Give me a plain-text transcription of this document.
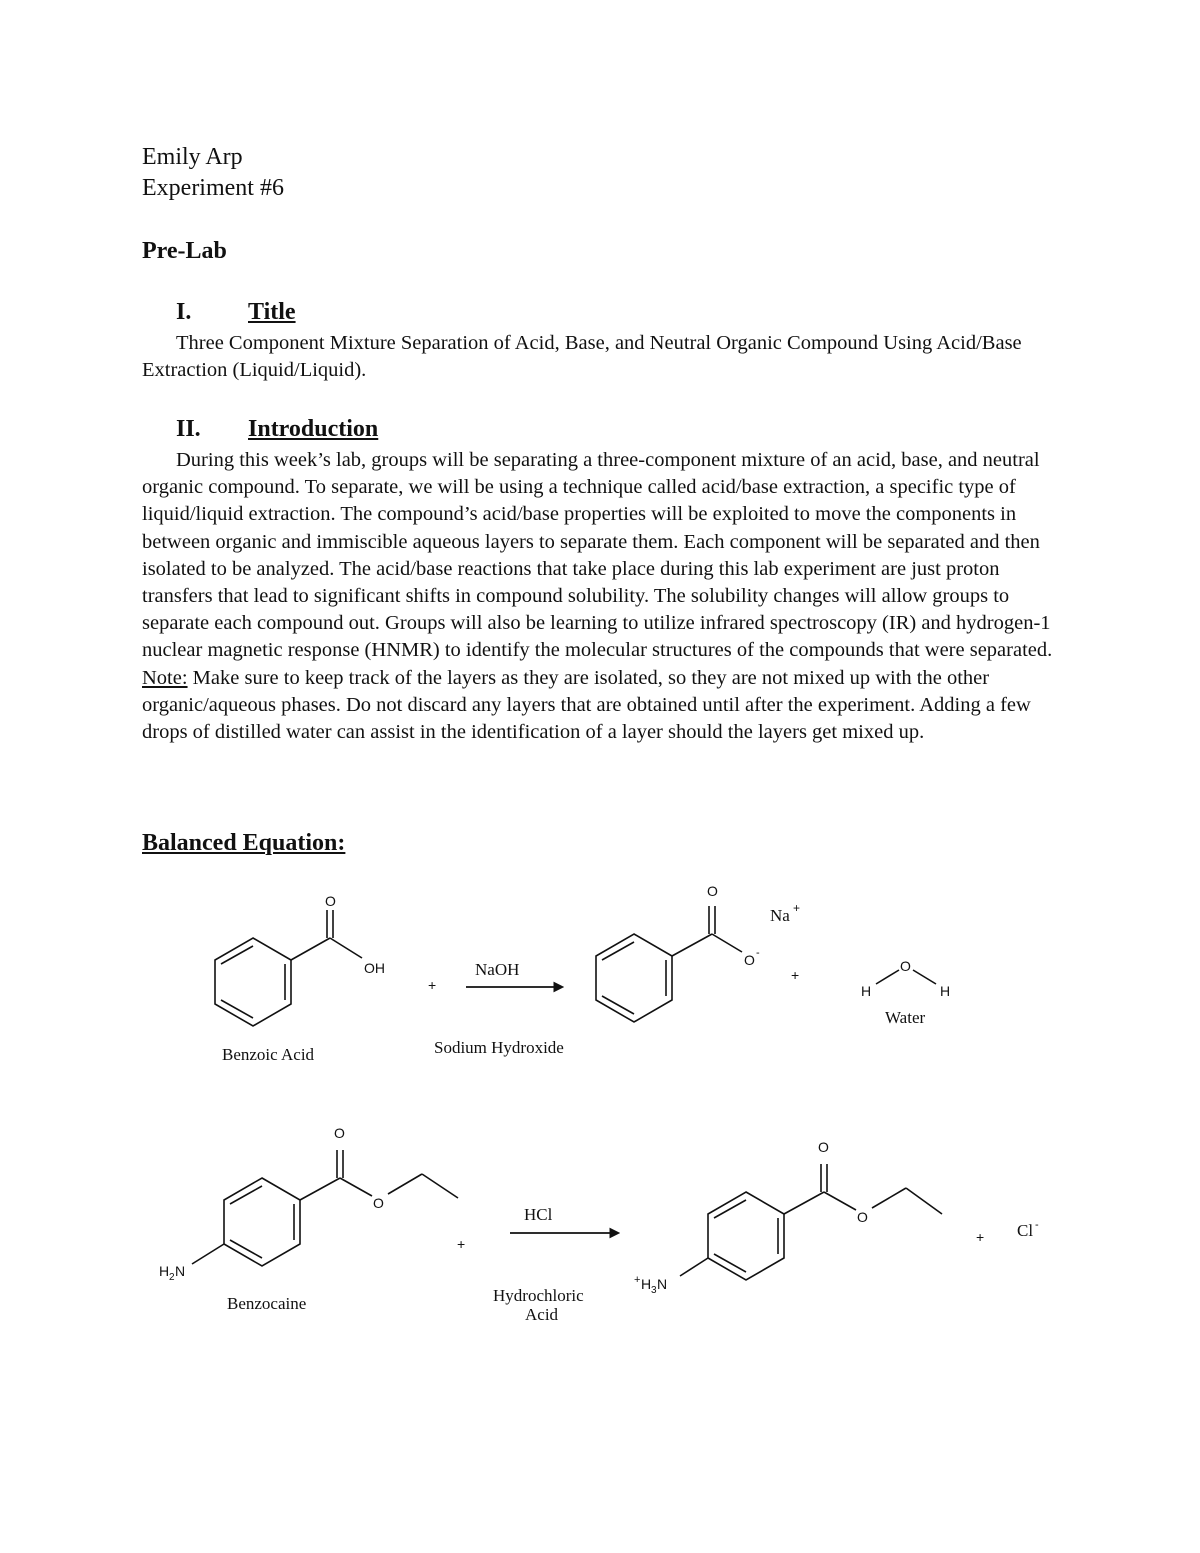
Emily Arp
Experiment #6
Pre-Lab
I. Title

Three Component Mixture Separation of Acid, Base, and Neutral Organic Compound Using Acid/Base Extraction (Liquid/Liquid).

II. Introduction

During this week’s lab, groups will be separating a three-component mixture of an acid, base, and neutral organic compound. To separate, we will be using a technique called acid/base extraction, a specific type of liquid/liquid extraction. The compound’s acid/base properties will be exploited to move the components in between organic and immiscible aqueous layers to separate them. Each component will be separated and then isolated to be analyzed. The acid/base reactions that take place during this lab experiment are just proton transfers that lead to significant shifts in compound solubility. The solubility changes will allow groups to separate each compound out. Groups will also be learning to utilize infrared spectroscopy (IR) and hydrogen-1 nuclear magnetic response (HNMR) to identify the molecular structures of the compounds that were separated. Note: Make sure to keep track of the layers as they are isolated, so they are not mixed up with the other organic/aqueous phases. Do not discard any layers that are obtained until after the experiment. Adding a few drops of distilled water can assist in the identification of a layer should the layers get mixed up.

Balanced Equation:
O
OH
Benzoic Acid
+
NaOH
Sodium Hydroxide
O
O -
Na +
+
H
O
H
Water
O
O
H 2 N
Benzocaine
+
HCl
Hydrochloric
Acid
O
O
+ H 3 N
+ Cl -
